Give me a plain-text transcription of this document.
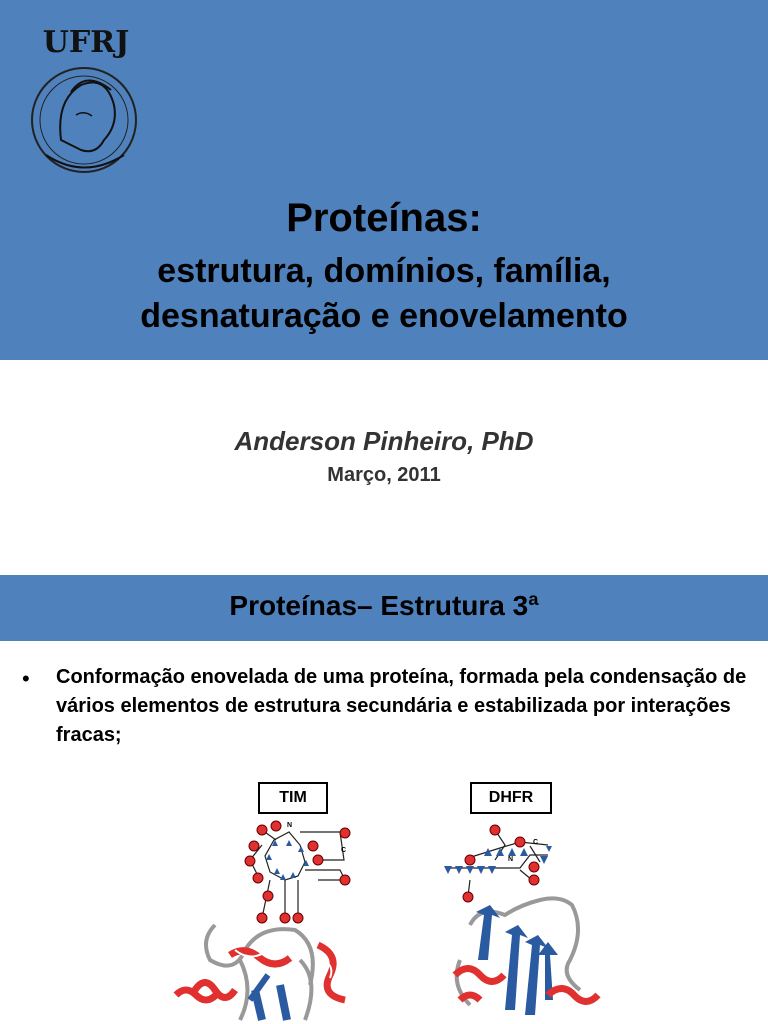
UFRJ
Proteínas:
estrutura, domínios, família,
desnaturação e enovelamento
Anderson Pinheiro, PhD
Março, 2011
Proteínas– Estrutura 3ª
• Conformação enovelada de uma proteína, formada pela condensação de vários elementos de estrutura secundária e estabilizada por interações fracas;
TIM	DHFR
N
C
N
C
